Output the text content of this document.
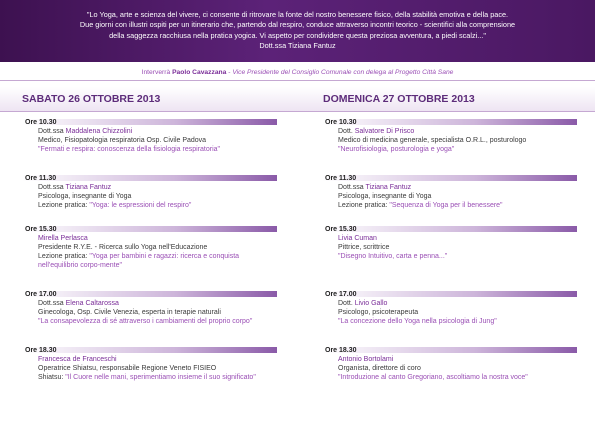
"Lo Yoga, arte e scienza del vivere, ci consente di ritrovare la fonte del nostro benessere fisico, della stabilità emotiva e della pace.
Due giorni con illustri ospiti per un itinerario che, partendo dal respiro, conduce attraverso incontri teorico - scientifici alla comprensione
della saggezza racchiusa nella pratica yogica. Vi aspetto per condividere questa preziosa avventura, a piedi scalzi..."
Dott.ssa Tiziana Fantuz
Interverrà Paolo Cavazzana - Vice Presidente del Consiglio Comunale con delega al Progetto Città Sane
SABATO 26 OTTOBRE 2013	DOMENICA 27 OTTOBRE 2013
Ore 10.30
Dott.ssa Maddalena Chizzolini
Medico, Fisiopatologia respiratoria Osp. Civile Padova
"Fermati e respira: conoscenza della fisiologia respiratoria"
Ore 11.30
Dott.ssa Tiziana Fantuz
Psicologa, insegnante di Yoga
Lezione pratica: "Yoga: le espressioni del respiro"
Ore 15.30
Mirella Perlasca
Presidente R.Y.E. - Ricerca sullo Yoga nell'Educazione
Lezione pratica: "Yoga per bambini e ragazzi: ricerca e conquista
nell'equilibrio corpo-mente"
Ore 17.00
Dott.ssa Elena Caltarossa
Ginecologa, Osp. Civile Venezia, esperta in terapie naturali
"La consapevolezza di sé attraverso i cambiamenti del proprio corpo"
Ore 18.30
Francesca de Franceschi
Operatrice Shiatsu, responsabile Regione Veneto FISIEO
Shiatsu: "Il Cuore nelle mani, sperimentiamo insieme il suo significato"
Ore 10.30
Dott. Salvatore Di Prisco
Medico di medicina generale, specialista O.R.L., posturologo
"Neurofisiologia, posturologia e yoga"
Ore 11.30
Dott.ssa Tiziana Fantuz
Psicologa, insegnante di Yoga
Lezione pratica: "Sequenza di Yoga per il benessere"
Ore 15.30
Livia Cuman
Pittrice, scrittrice
"Disegno Intuitivo, carta e penna..."
Ore 17.00
Dott. Livio Gallo
Psicologo, psicoterapeuta
"La concezione dello Yoga nella psicologia di Jung"
Ore 18.30
Antonio Bortolami
Organista, direttore di coro
"Introduzione al canto Gregoriano, ascoltiamo la nostra voce"
